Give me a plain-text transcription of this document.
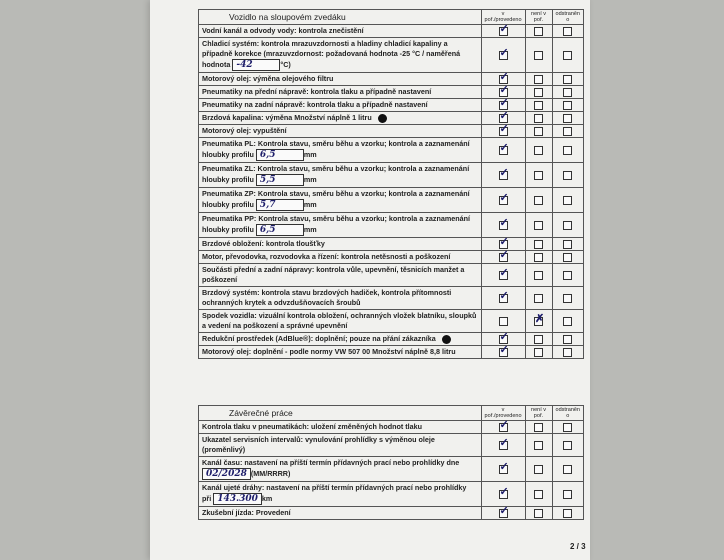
Vozidlo na sloupovém zvedáku	v poř./provedeno	není v poř.	odstraněn o
Vodní kanál a odvody vody: kontrola znečistění	✓		
Chladicí systém: kontrola mrazuvzdornosti a hladiny chladicí kapaliny a případně korekce (mrazuvzdornost: požadovaná hodnota -25 °C / naměřená hodnota -42 °C)	✓		
Motorový olej: výměna olejového filtru	✓		
Pneumatiky na přední nápravě: kontrola tlaku a případně nastavení	✓		
Pneumatiky na zadní nápravě: kontrola tlaku a případně nastavení	✓		
Brzdová kapalina: výměna Množství náplně 1 litru	✓		
Motorový olej: vypuštění	✓		
Pneumatika PL: Kontrola stavu, směru běhu a vzorku; kontrola a zaznamenání hloubky profilu 6,5 mm	✓		
Pneumatika ZL: Kontrola stavu, směru běhu a vzorku; kontrola a zaznamenání hloubky profilu 5,5 mm	✓		
Pneumatika ZP: Kontrola stavu, směru běhu a vzorku; kontrola a zaznamenání hloubky profilu 5,7 mm	✓		
Pneumatika PP: Kontrola stavu, směru běhu a vzorku; kontrola a zaznamenání hloubky profilu 6,5 mm	✓		
Brzdové obložení: kontrola tloušťky	✓		
Motor, převodovka, rozvodovka a řízení: kontrola netěsnosti a poškození	✓		
Součásti přední a zadní nápravy: kontrola vůle, upevnění, těsnicích manžet a poškození	✓		
Brzdový systém: kontrola stavu brzdových hadiček, kontrola přítomnosti ochranných krytek a odvzdušňovacích šroubů	✓		
Spodek vozidla: vizuální kontrola obložení, ochranných vložek blatníku, sloupků a vedení na poškození a správné upevnění		✗	
Redukční prostředek (AdBlue®): doplnění; pouze na přání zákazníka	✓		
Motorový olej: doplnění - podle normy VW 507 00 Množství náplně 8,8 litru	✓		
Závěrečné práce	v poř./provedeno	není v poř.	odstraněn o
Kontrola tlaku v pneumatikách: uložení změněných hodnot tlaku	✓		
Ukazatel servisních intervalů: vynulování prohlídky s výměnou oleje (proměnlivý)	✓		
Kanál času: nastavení na příští termín přídavných prací nebo prohlídky dne 02/2028 (MM/RRRR)	✓		
Kanál ujeté dráhy: nastavení na příští termín přídavných prací nebo prohlídky při 143.300 km	✓		
Zkušební jízda: Provedení	✓		
2 / 3
